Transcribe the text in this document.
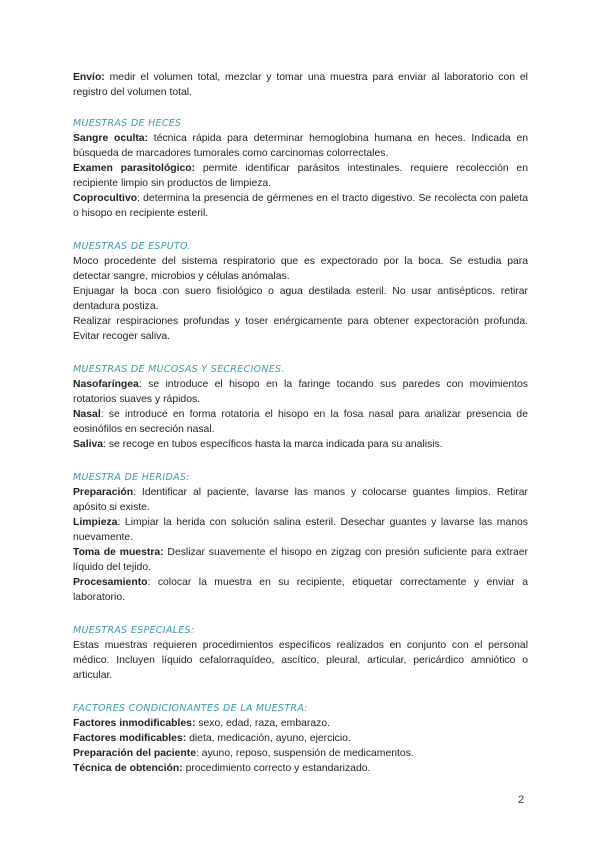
Envío: medir el volumen total, mezclar y tomar una muestra para enviar al laboratorio con el registro del volumen total.

MUESTRAS DE HECES

Sangre oculta: técnica rápida para determinar hemoglobina humana en heces. Indicada en búsqueda de marcadores tumorales como carcinomas colorrectales.

Examen parasitológico: permite identificar parásitos intestinales. requiere recolección en recipiente limpio sin productos de limpieza.

Coprocultivo: determina la presencia de gérmenes en el tracto digestivo. Se recolecta con paleta o hisopo en recipiente esteril.

MUESTRAS DE ESPUTO.

Moco procedente del sistema respiratorio que es expectorado por la boca. Se estudia para detectar sangre, microbios y células anómalas.

Enjuagar la boca con suero fisiológico o agua destilada esteril. No usar antisépticos. retirar dentadura postiza.

Realizar respiraciones profundas y toser enérgicamente para obtener expectoración profunda. Evitar recoger saliva.

MUESTRAS DE MUCOSAS Y SECRECIONES.

Nasofaríngea: se introduce el hisopo en la faringe tocando sus paredes con movimientos rotatorios suaves y rápidos.

Nasal: se introduce en forma rotatoria el hisopo en la fosa nasal para analizar presencia de eosinófilos en secreción nasal.

Saliva: se recoge en tubos específicos hasta la marca indicada para su analisis.

MUESTRA DE HERIDAS:

Preparación: Identificar al paciente, lavarse las manos y colocarse guantes limpios. Retirar apósito si existe.

Limpieza: Limpiar la herida con solución salina esteril. Desechar guantes y lavarse las manos nuevamente.

Toma de muestra: Deslizar suavemente el hisopo en zigzag con presión suficiente para extraer líquido del tejido.

Procesamiento: colocar la muestra en su recipiente, etiquetar correctamente y enviar a laboratorio.

MUESTRAS ESPECIALES:

Estas muestras requieren procedimientos específicos realizados en conjunto con el personal médico. Incluyen líquido cefalorraquídeo, ascítico, pleural, articular, pericárdico amniótico o articular.

FACTORES CONDICIONANTES DE LA MUESTRA:

Factores inmodificables: sexo, edad, raza, embarazo.

Factores modificables: dieta, medicación, ayuno, ejercicio.

Preparación del paciente: ayuno, reposo, suspensión de medicamentos.

Técnica de obtención: procedimiento correcto y estandarizado.

2
